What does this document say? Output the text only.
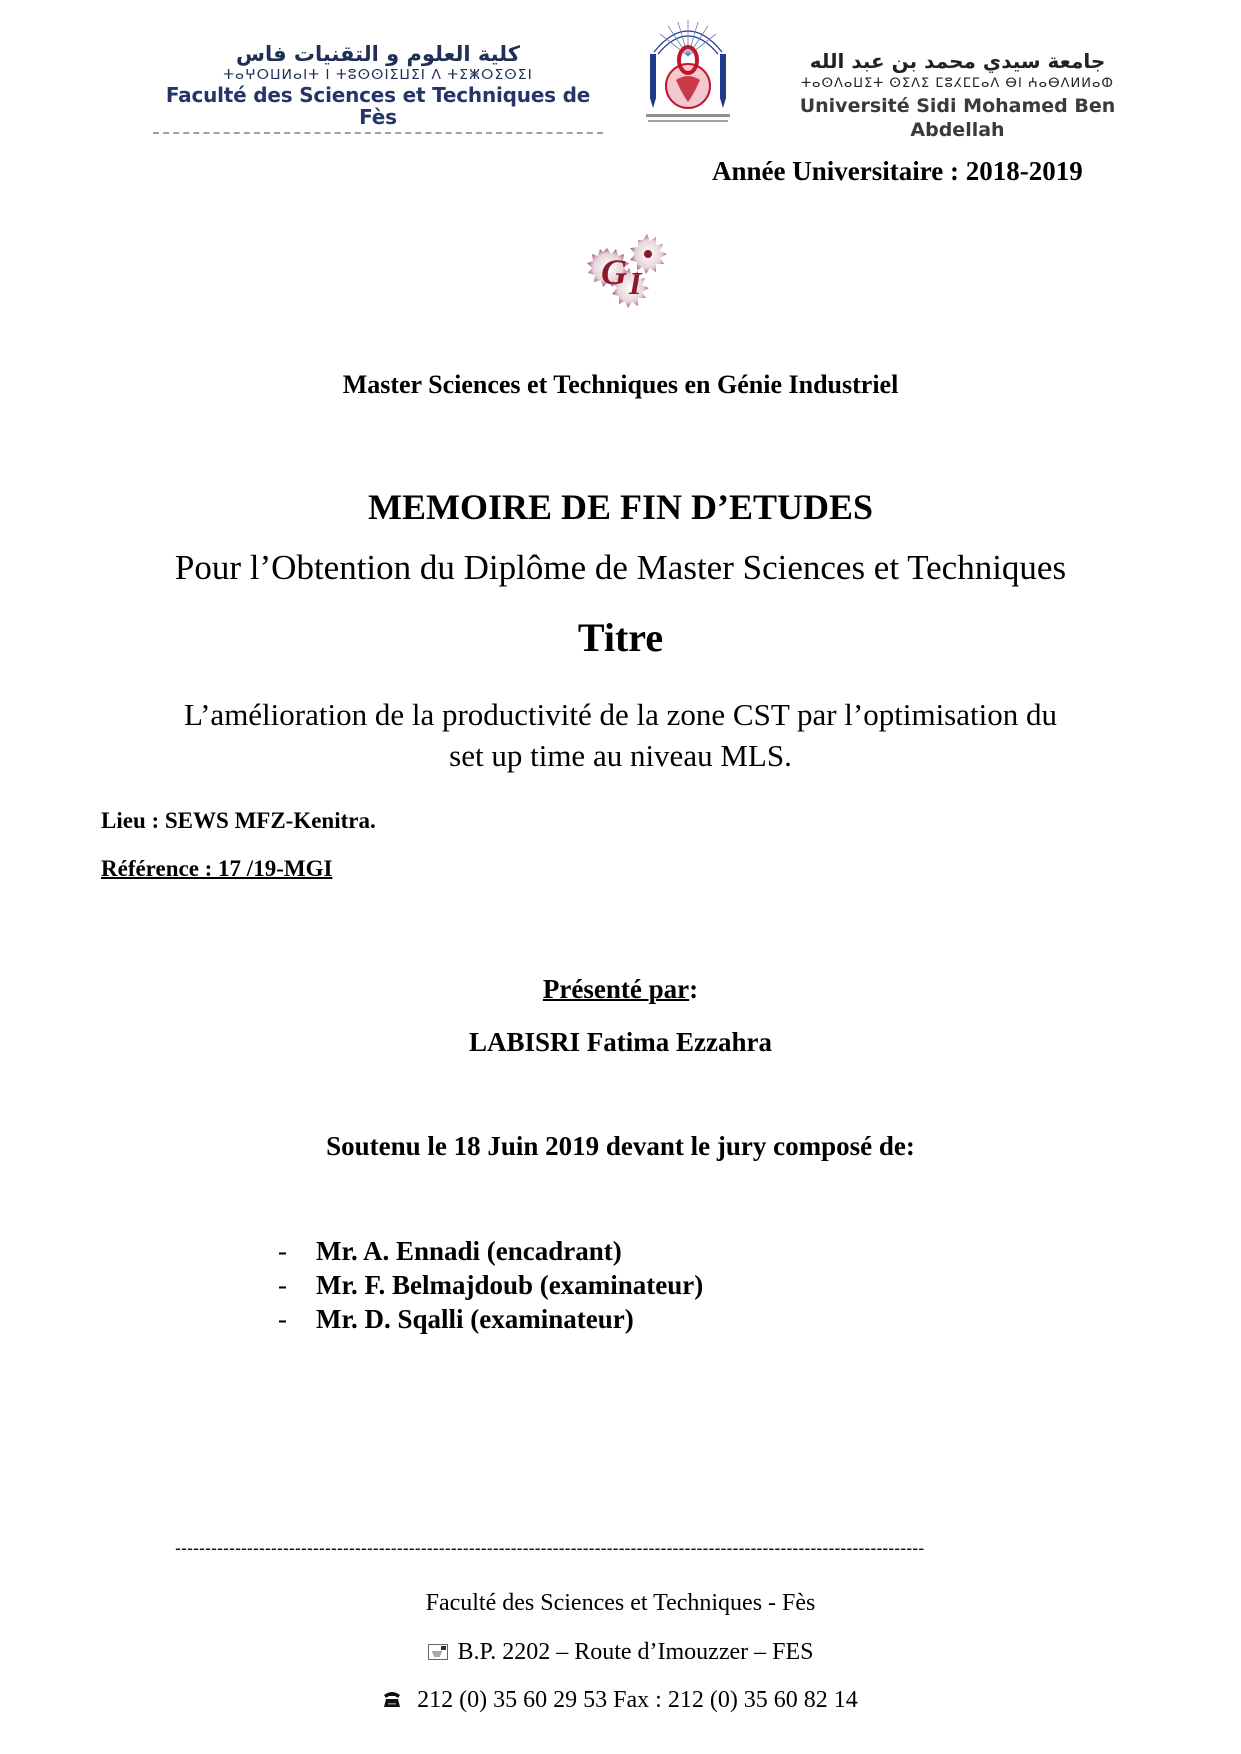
كلية العلوم و التقنيات فاس
ⵜⴰⵖⵔⵡⵍⴰⵏⵜ ⵏ ⵜⵓⵙⵙⵏⵉⵡⵉⵏ ⴷ ⵜⵉⵥⵔⵉⵙⵉⵏ
Faculté des Sciences et Techniques de Fès
جامعة سيدي محمد بن عبد الله
ⵜⴰⵙⴷⴰⵡⵉⵜ ⵙⵉⴷⵉ ⵎⵓⵃⵎⵎⴰⴷ ⴱⵏ ⵄⴰⴱⴷⵍⵍⴰⵀ
Université Sidi Mohamed Ben Abdellah
Année Universitaire : 2018-2019
G I
Master Sciences et Techniques en Génie Industriel
MEMOIRE DE FIN D’ETUDES
Pour l’Obtention du Diplôme de Master Sciences et Techniques
Titre
L’amélioration de la productivité de la zone CST par l’optimisation du
set up time au niveau MLS.
Lieu : SEWS MFZ-Kenitra.
Référence : 17 /19-MGI
Présenté par:
LABISRI Fatima Ezzahra
Soutenu le 18 Juin 2019 devant le jury composé de:
-	Mr. A. Ennadi (encadrant)
-	Mr. F. Belmajdoub (examinateur)
-	Mr. D. Sqalli (examinateur)
-----------------------------------------------------------------------------------------------------------------------------
Faculté des Sciences et Techniques - Fès
B.P. 2202 – Route d’Imouzzer – FES
212 (0) 35 60 29 53 Fax : 212 (0) 35 60 82 14
